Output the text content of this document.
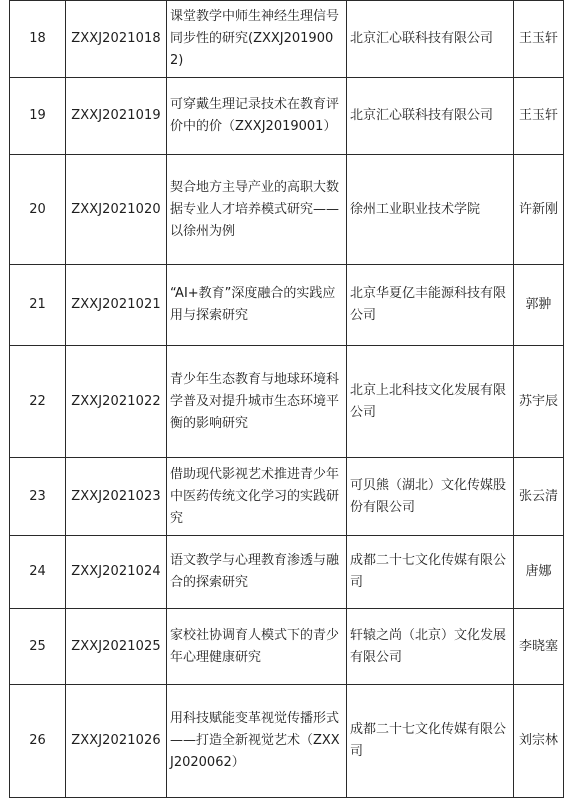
18	ZXXJ2021018	课堂教学中师生神经生理信号同步性的研究(ZXXJ2019002)	北京汇心联科技有限公司	王玉轩
19	ZXXJ2021019	可穿戴生理记录技术在教育评价中的价（ZXXJ2019001）	北京汇心联科技有限公司	王玉轩
20	ZXXJ2021020	契合地方主导产业的高职大数据专业人才培养模式研究——以徐州为例	徐州工业职业技术学院	许新刚
21	ZXXJ2021021	“AI+教育”深度融合的实践应用与探索研究	北京华夏亿丰能源科技有限公司	郭翀
22	ZXXJ2021022	青少年生态教育与地球环境科学普及对提升城市生态环境平衡的影响研究	北京上北科技文化发展有限公司	苏宇辰
23	ZXXJ2021023	借助现代影视艺术推进青少年中医药传统文化学习的实践研究	可贝熊（湖北）文化传媒股份有限公司	张云清
24	ZXXJ2021024	语文教学与心理教育渗透与融合的探索研究	成都二十七文化传媒有限公司	唐娜
25	ZXXJ2021025	家校社协调育人模式下的青少年心理健康研究	轩辕之尚（北京）文化发展有限公司	李晓塞
26	ZXXJ2021026	用科技赋能变革视觉传播形式——打造全新视觉艺术（ZXXJ2020062）	成都二十七文化传媒有限公司	刘宗林
